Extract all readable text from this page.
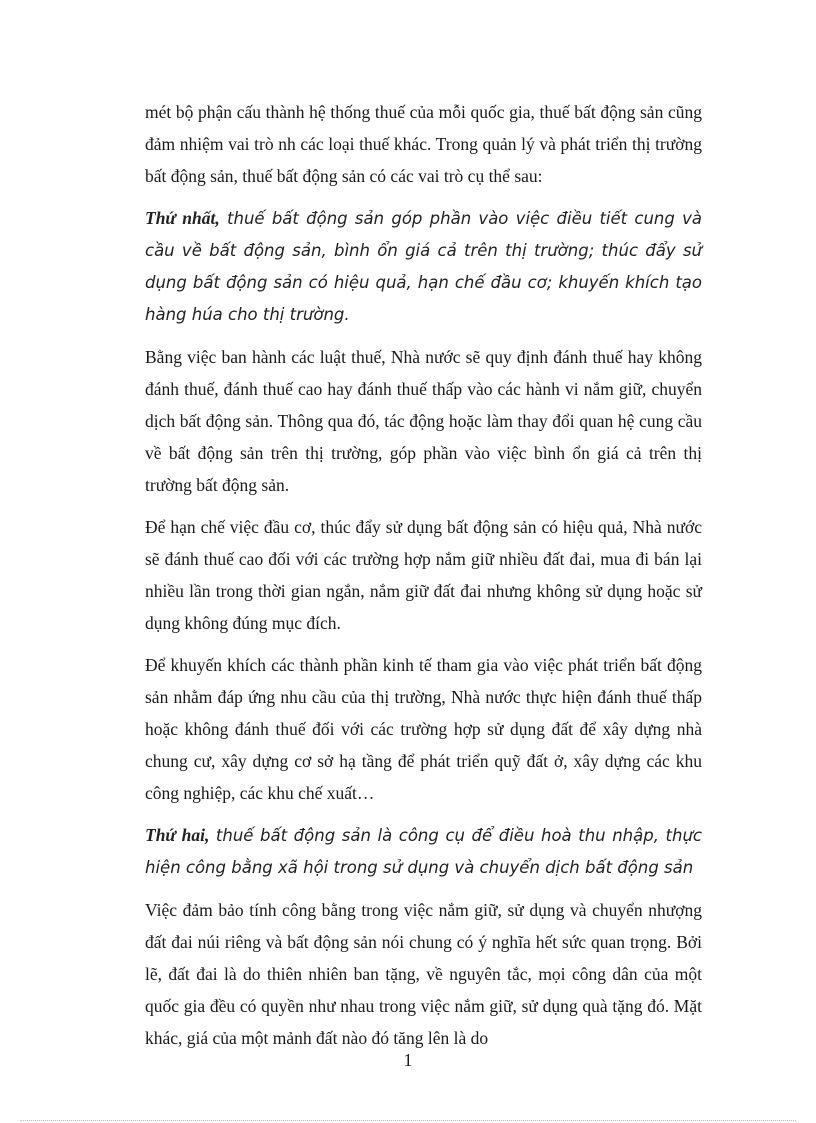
mét bộ phận cấu thành hệ thống thuế của mỗi quốc gia, thuế bất động sản cũng đảm nhiệm vai trò nh các loại thuế khác. Trong quản lý và phát triển thị trường bất động sản, thuế bất động sản có các vai trò cụ thể sau:

Thứ nhất, thuế bất động sản góp phần vào việc điều tiết cung và cầu về bất động sản, bình ổn giá cả trên thị trường; thúc đẩy sử dụng bất động sản có hiệu quả, hạn chế đầu cơ; khuyến khích tạo hàng húa cho thị trường.

Bằng việc ban hành các luật thuế, Nhà nước sẽ quy định đánh thuế hay không đánh thuế, đánh thuế cao hay đánh thuế thấp vào các hành vi nắm giữ, chuyển dịch bất động sản. Thông qua đó, tác động hoặc làm thay đổi quan hệ cung cầu về bất động sản trên thị trường, góp phần vào việc bình ổn giá cả trên thị trường bất động sản.

Để hạn chế việc đầu cơ, thúc đẩy sử dụng bất động sản có hiệu quả, Nhà nước sẽ đánh thuế cao đối với các trường hợp nắm giữ nhiều đất đai, mua đi bán lại nhiều lần trong thời gian ngắn, nắm giữ đất đai nhưng không sử dụng hoặc sử dụng không đúng mục đích.

Để khuyến khích các thành phần kinh tế tham gia vào việc phát triển bất động sản nhằm đáp ứng nhu cầu của thị trường, Nhà nước thực hiện đánh thuế thấp hoặc không đánh thuế đối với các trường hợp sử dụng đất để xây dựng nhà chung cư, xây dựng cơ sở hạ tầng để phát triển quỹ đất ở, xây dựng các khu công nghiệp, các khu chế xuất…

Thứ hai, thuế bất động sản là công cụ để điều hoà thu nhập, thực hiện công bằng xã hội trong sử dụng và chuyển dịch bất động sản

Việc đảm bảo tính công bằng trong việc nắm giữ, sử dụng và chuyển nhượng đất đai núi riêng và bất động sản nói chung có ý nghĩa hết sức quan trọng. Bởi lẽ, đất đai là do thiên nhiên ban tặng, về nguyên tắc, mọi công dân của một quốc gia đều có quyền như nhau trong việc nắm giữ, sử dụng quà tặng đó. Mặt khác, giá của một mảnh đất nào đó tăng lên là do

1
